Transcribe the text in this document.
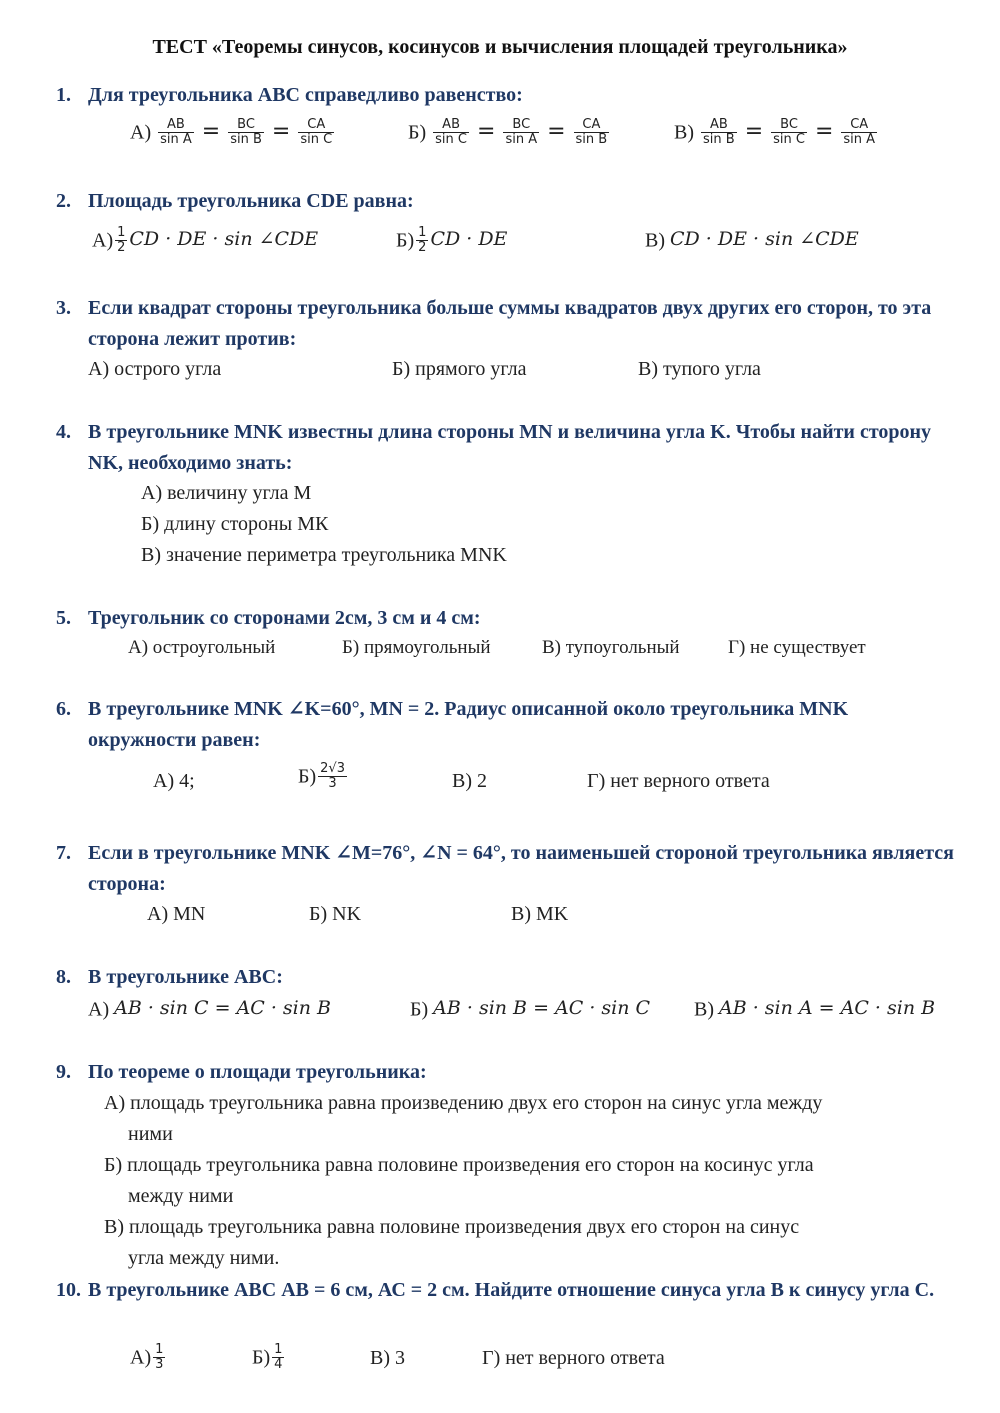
ТЕСТ «Теоремы синусов, косинусов и вычисления площадей треугольника»
1. Для треугольника АВС справедливо равенство:
$А) \frac{AB}{\text{sin A}} = \frac{BC}{\text{sin B}} = \frac{CA}{\text{sin C}}$	$Б) \frac{AB}{\text{sin C}} = \frac{BC}{\text{sin A}} = \frac{CA}{\text{sin B}}$	$В) \frac{AB}{\text{sin B}} = \frac{BC}{\text{sin C}} = \frac{CA}{\text{sin A}}$
2. Площадь треугольника CDE равна:
$А) \frac{1}{2}$ CD · DE · sin ∠CDE	$Б) \frac{1}{2}$ CD · DE	В) CD · DE · sin ∠CDE
3. Если квадрат стороны треугольника больше суммы квадратов двух других его сторон, то эта сторона лежит против:
А) острого угла	Б) прямого угла	В) тупого угла
4. В треугольнике MNK известны длина стороны MN и величина угла K. Чтобы найти сторону NK, необходимо знать:
А) величину угла М
Б) длину стороны МК
В) значение периметра треугольника MNK
5. Треугольник со сторонами 2см, 3 см и 4 см:
А) остроугольный	Б) прямоугольный	В) тупоугольный	Г) не существует
6. В треугольнике MNK ∠K=60°, MN = 2. Радиус описанной около треугольника MNK окружности равен:
А) 4;	$Б) \frac{2√3}{3}$	В) 2	Г) нет верного ответа
7. Если в треугольнике MNK ∠M=76°, ∠N = 64°, то наименьшей стороной треугольника является сторона:
А) MN	Б) NK	В) MK
8. В треугольнике АВС:
А) AB · sin C = AC · sin B	Б) AB · sin B = AC · sin C В) AB · sin A = AC · sin B
9. По теореме о площади треугольника:
А) площадь треугольника равна произведению двух его сторон на синус угла между
ними
Б) площадь треугольника равна половине произведения его сторон на косинус угла
между ними
В) площадь треугольника равна половине произведения двух его сторон на синус
угла между ними.
10. В треугольнике АВС АВ = 6 см, АС = 2 см. Найдите отношение синуса угла В к синусу угла С.
$А) \frac{1}{3}$	$Б) \frac{1}{4}$	В) 3	Г) нет верного ответа
